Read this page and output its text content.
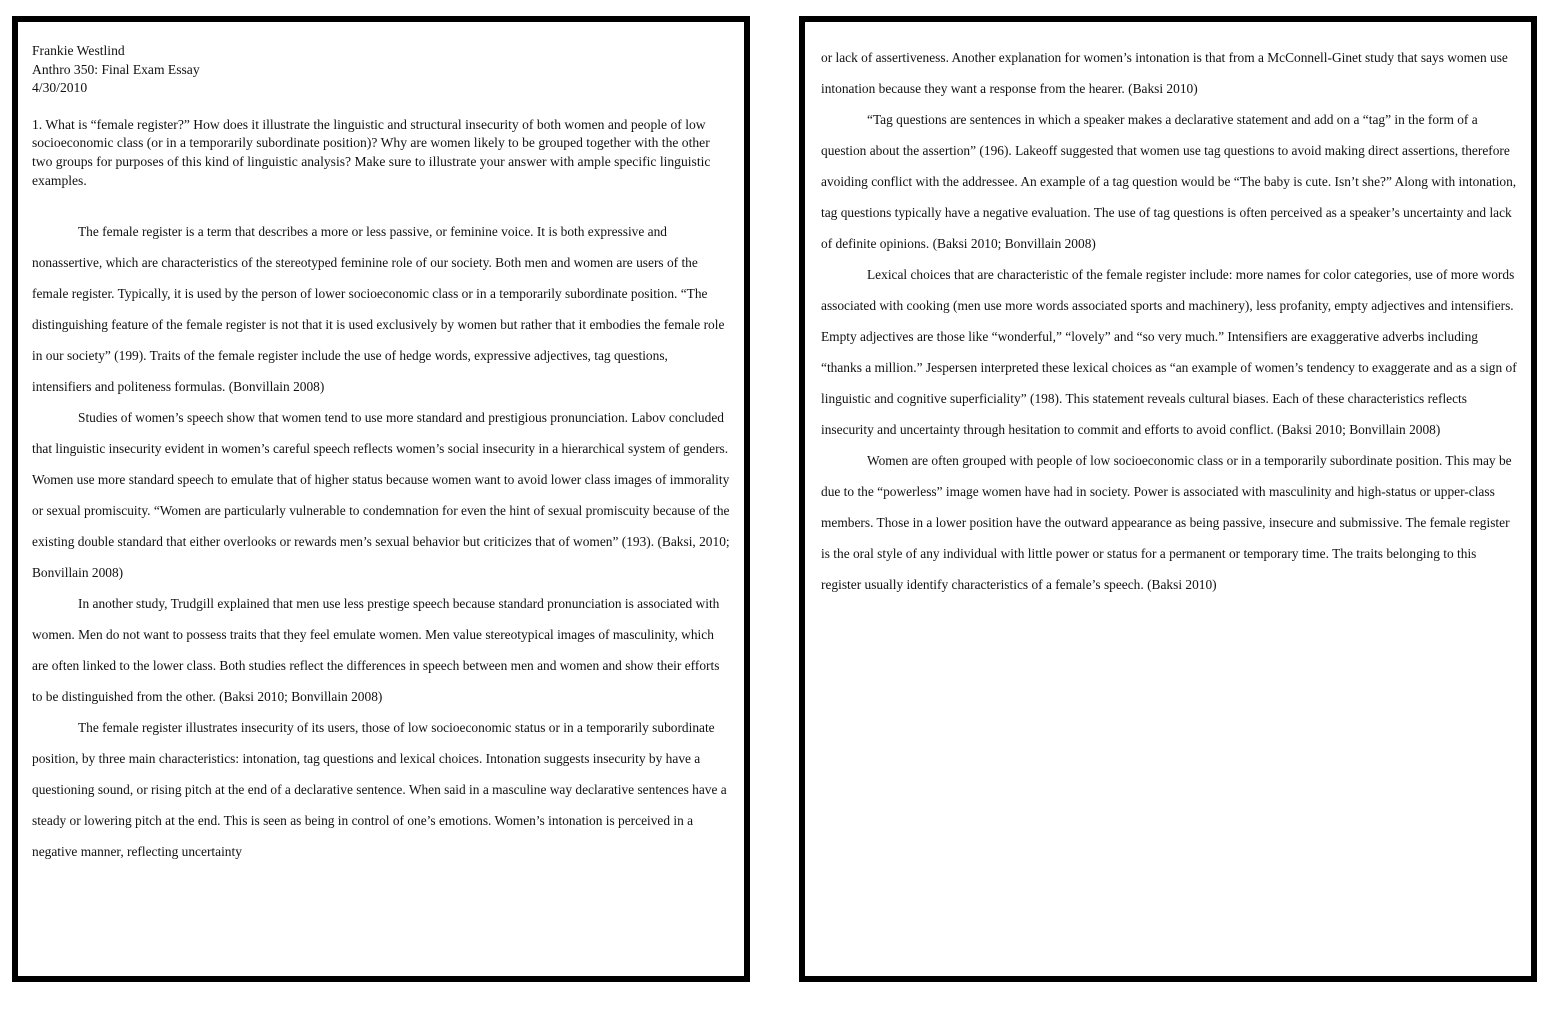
Frankie Westlind
Anthro 350: Final Exam Essay
4/30/2010
1. What is “female register?” How does it illustrate the linguistic and structural insecurity of both women and people of low socioeconomic class (or in a temporarily subordinate position)? Why are women likely to be grouped together with the other two groups for purposes of this kind of linguistic analysis? Make sure to illustrate your answer with ample specific linguistic examples.

The female register is a term that describes a more or less passive, or feminine voice. It is both expressive and nonassertive, which are characteristics of the stereotyped feminine role of our society. Both men and women are users of the female register. Typically, it is used by the person of lower socioeconomic class or in a temporarily subordinate position. “The distinguishing feature of the female register is not that it is used exclusively by women but rather that it embodies the female role in our society” (199). Traits of the female register include the use of hedge words, expressive adjectives, tag questions, intensifiers and politeness formulas. (Bonvillain 2008)

Studies of women’s speech show that women tend to use more standard and prestigious pronunciation. Labov concluded that linguistic insecurity evident in women’s careful speech reflects women’s social insecurity in a hierarchical system of genders. Women use more standard speech to emulate that of higher status because women want to avoid lower class images of immorality or sexual promiscuity. “Women are particularly vulnerable to condemnation for even the hint of sexual promiscuity because of the existing double standard that either overlooks or rewards men’s sexual behavior but criticizes that of women” (193). (Baksi, 2010; Bonvillain 2008)

In another study, Trudgill explained that men use less prestige speech because standard pronunciation is associated with women. Men do not want to possess traits that they feel emulate women. Men value stereotypical images of masculinity, which are often linked to the lower class. Both studies reflect the differences in speech between men and women and show their efforts to be distinguished from the other. (Baksi 2010; Bonvillain 2008)

The female register illustrates insecurity of its users, those of low socioeconomic status or in a temporarily subordinate position, by three main characteristics: intonation, tag questions and lexical choices. Intonation suggests insecurity by have a questioning sound, or rising pitch at the end of a declarative sentence. When said in a masculine way declarative sentences have a steady or lowering pitch at the end. This is seen as being in control of one’s emotions. Women’s intonation is perceived in a negative manner, reflecting uncertainty

or lack of assertiveness. Another explanation for women’s intonation is that from a McConnell-Ginet study that says women use intonation because they want a response from the hearer. (Baksi 2010)

“Tag questions are sentences in which a speaker makes a declarative statement and add on a “tag” in the form of a question about the assertion” (196). Lakeoff suggested that women use tag questions to avoid making direct assertions, therefore avoiding conflict with the addressee. An example of a tag question would be “The baby is cute. Isn’t she?” Along with intonation, tag questions typically have a negative evaluation. The use of tag questions is often perceived as a speaker’s uncertainty and lack of definite opinions. (Baksi 2010; Bonvillain 2008)

Lexical choices that are characteristic of the female register include: more names for color categories, use of more words associated with cooking (men use more words associated sports and machinery), less profanity, empty adjectives and intensifiers. Empty adjectives are those like “wonderful,” “lovely” and “so very much.” Intensifiers are exaggerative adverbs including “thanks a million.” Jespersen interpreted these lexical choices as “an example of women’s tendency to exaggerate and as a sign of linguistic and cognitive superficiality” (198). This statement reveals cultural biases. Each of these characteristics reflects insecurity and uncertainty through hesitation to commit and efforts to avoid conflict. (Baksi 2010; Bonvillain 2008)

Women are often grouped with people of low socioeconomic class or in a temporarily subordinate position. This may be due to the “powerless” image women have had in society. Power is associated with masculinity and high-status or upper-class members. Those in a lower position have the outward appearance as being passive, insecure and submissive. The female register is the oral style of any individual with little power or status for a permanent or temporary time. The traits belonging to this register usually identify characteristics of a female’s speech. (Baksi 2010)
